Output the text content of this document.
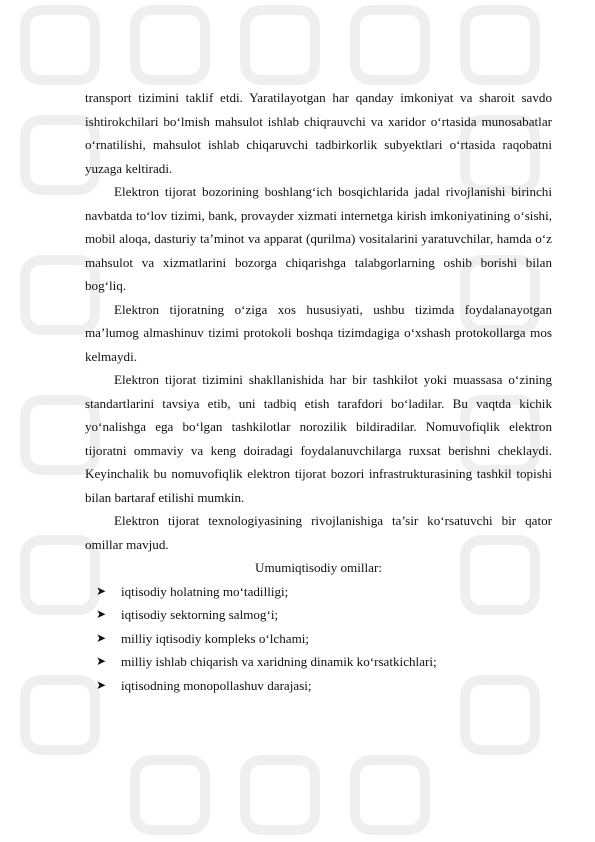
transport tizimini taklif etdi. Yaratilayotgan har qanday imkoniyat va sharoit savdo ishtirokchilari bo‘lmish mahsulot ishlab chiqrauvchi va xaridor o‘rtasida munosabatlar o‘rnatilishi, mahsulot ishlab chiqaruvchi tadbirkorlik subyektlari o‘rtasida raqobatni yuzaga keltiradi.

Elektron tijorat bozorining boshlang‘ich bosqichlarida jadal rivojlanishi birinchi navbatda to‘lov tizimi, bank, provayder xizmati internetga kirish imkoniyatining o‘sishi, mobil aloqa, dasturiy ta’minot va apparat (qurilma) vositalarini yaratuvchilar, hamda o‘z mahsulot va xizmatlarini bozorga chiqarishga talabgorlarning oshib borishi bilan bog‘liq.

Elektron tijoratning o‘ziga xos hususiyati, ushbu tizimda foydalanayotgan ma’lumog almashinuv tizimi protokoli boshqa tizimdagiga o‘xshash protokollarga mos kelmaydi.

Elektron tijorat tizimini shakllanishida har bir tashkilot yoki muassasa o‘zining standartlarini tavsiya etib, uni tadbiq etish tarafdori bo‘ladilar. Bu vaqtda kichik yo‘nalishga ega bo‘lgan tashkilotlar norozilik bildiradilar. Nomuvofiqlik elektron tijoratni ommaviy va keng doiradagi foydalanuvchilarga ruxsat berishni cheklaydi. Keyinchalik bu nomuvofiqlik elektron tijorat bozori infrastrukturasining tashkil topishi bilan bartaraf etilishi mumkin.

Elektron tijorat texnologiyasining rivojlanishiga ta’sir ko‘rsatuvchi bir qator omillar mavjud.

Umumiqtisodiy omillar:

➤ iqtisodiy holatning mo‘tadilligi;
➤ iqtisodiy sektorning salmog‘i;
➤ milliy iqtisodiy kompleks o‘lchami;
➤ milliy ishlab chiqarish va xaridning dinamik ko‘rsatkichlari;
➤ iqtisodning monopollashuv darajasi;
